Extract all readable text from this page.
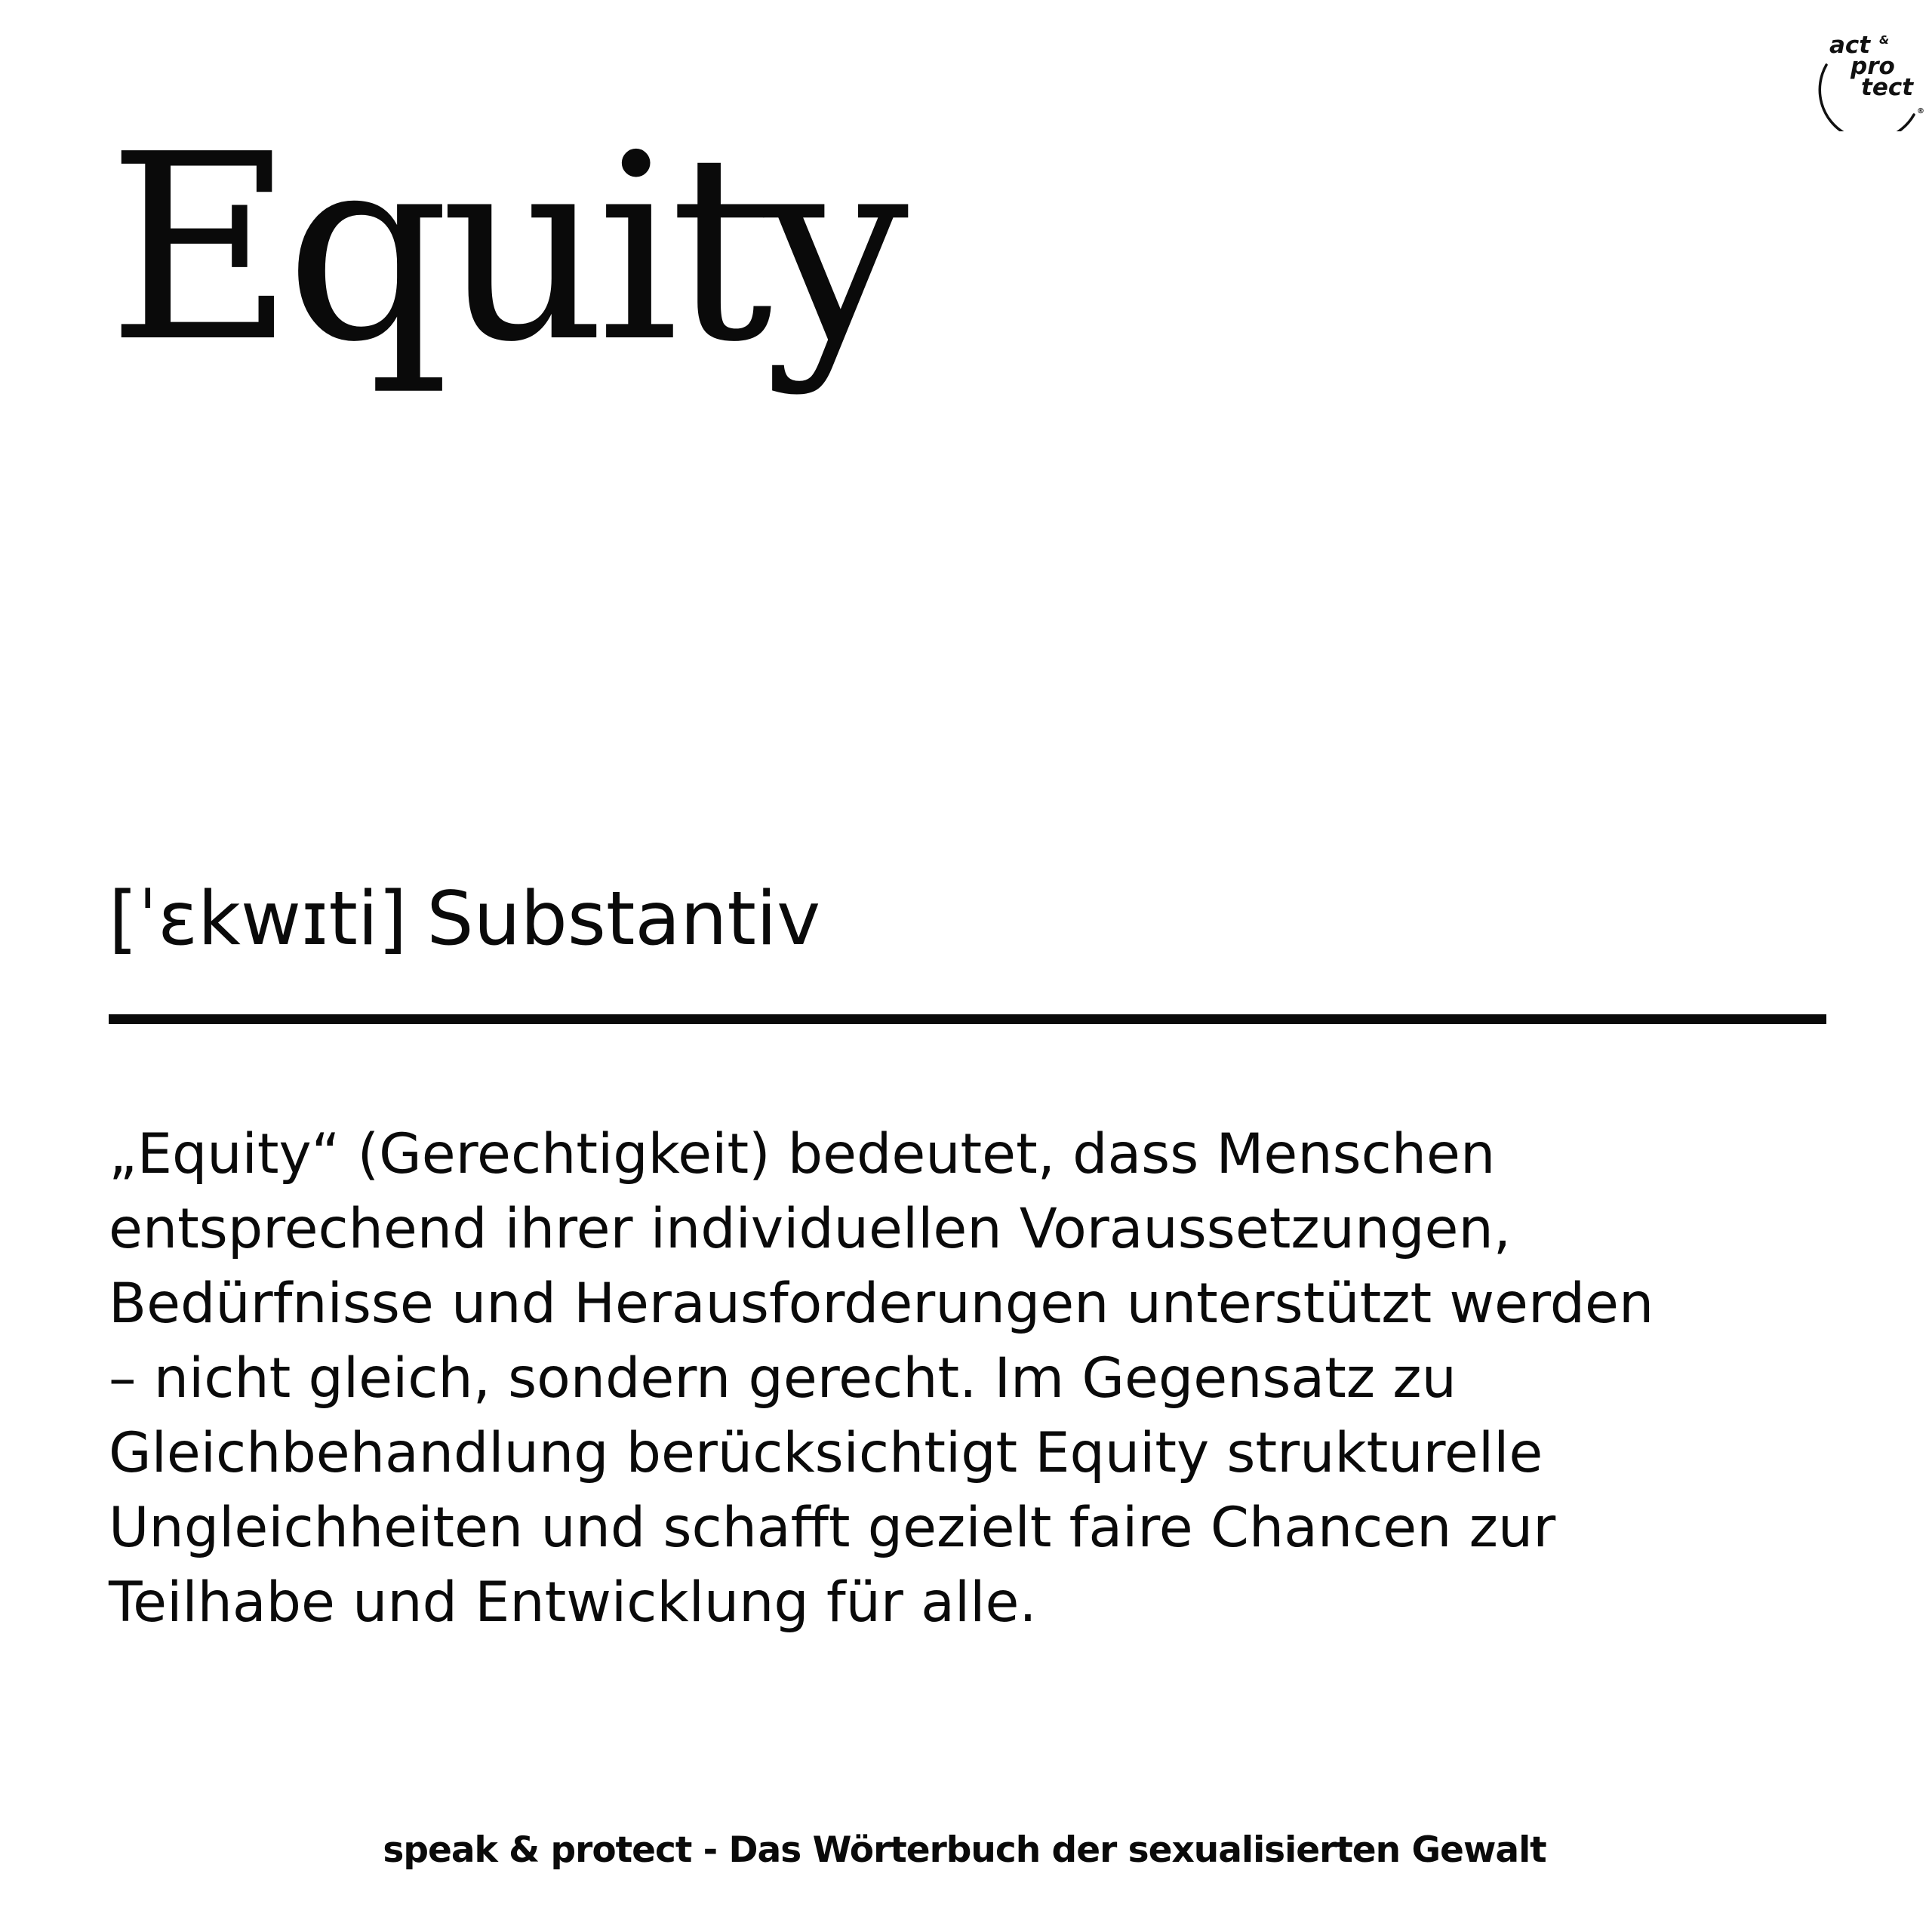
act &
pro
tect
®
Equity

[ˈɛkwɪti] Substantiv

„Equity“ (Gerechtigkeit) bedeutet, dass Menschen
entsprechend ihrer individuellen Voraussetzungen,
Bedürfnisse und Herausforderungen unterstützt werden
– nicht gleich, sondern gerecht. Im Gegensatz zu
Gleichbehandlung berücksichtigt Equity strukturelle
Ungleichheiten und schafft gezielt faire Chancen zur
Teilhabe und Entwicklung für alle.

speak & protect - Das Wörterbuch der sexualisierten Gewalt
